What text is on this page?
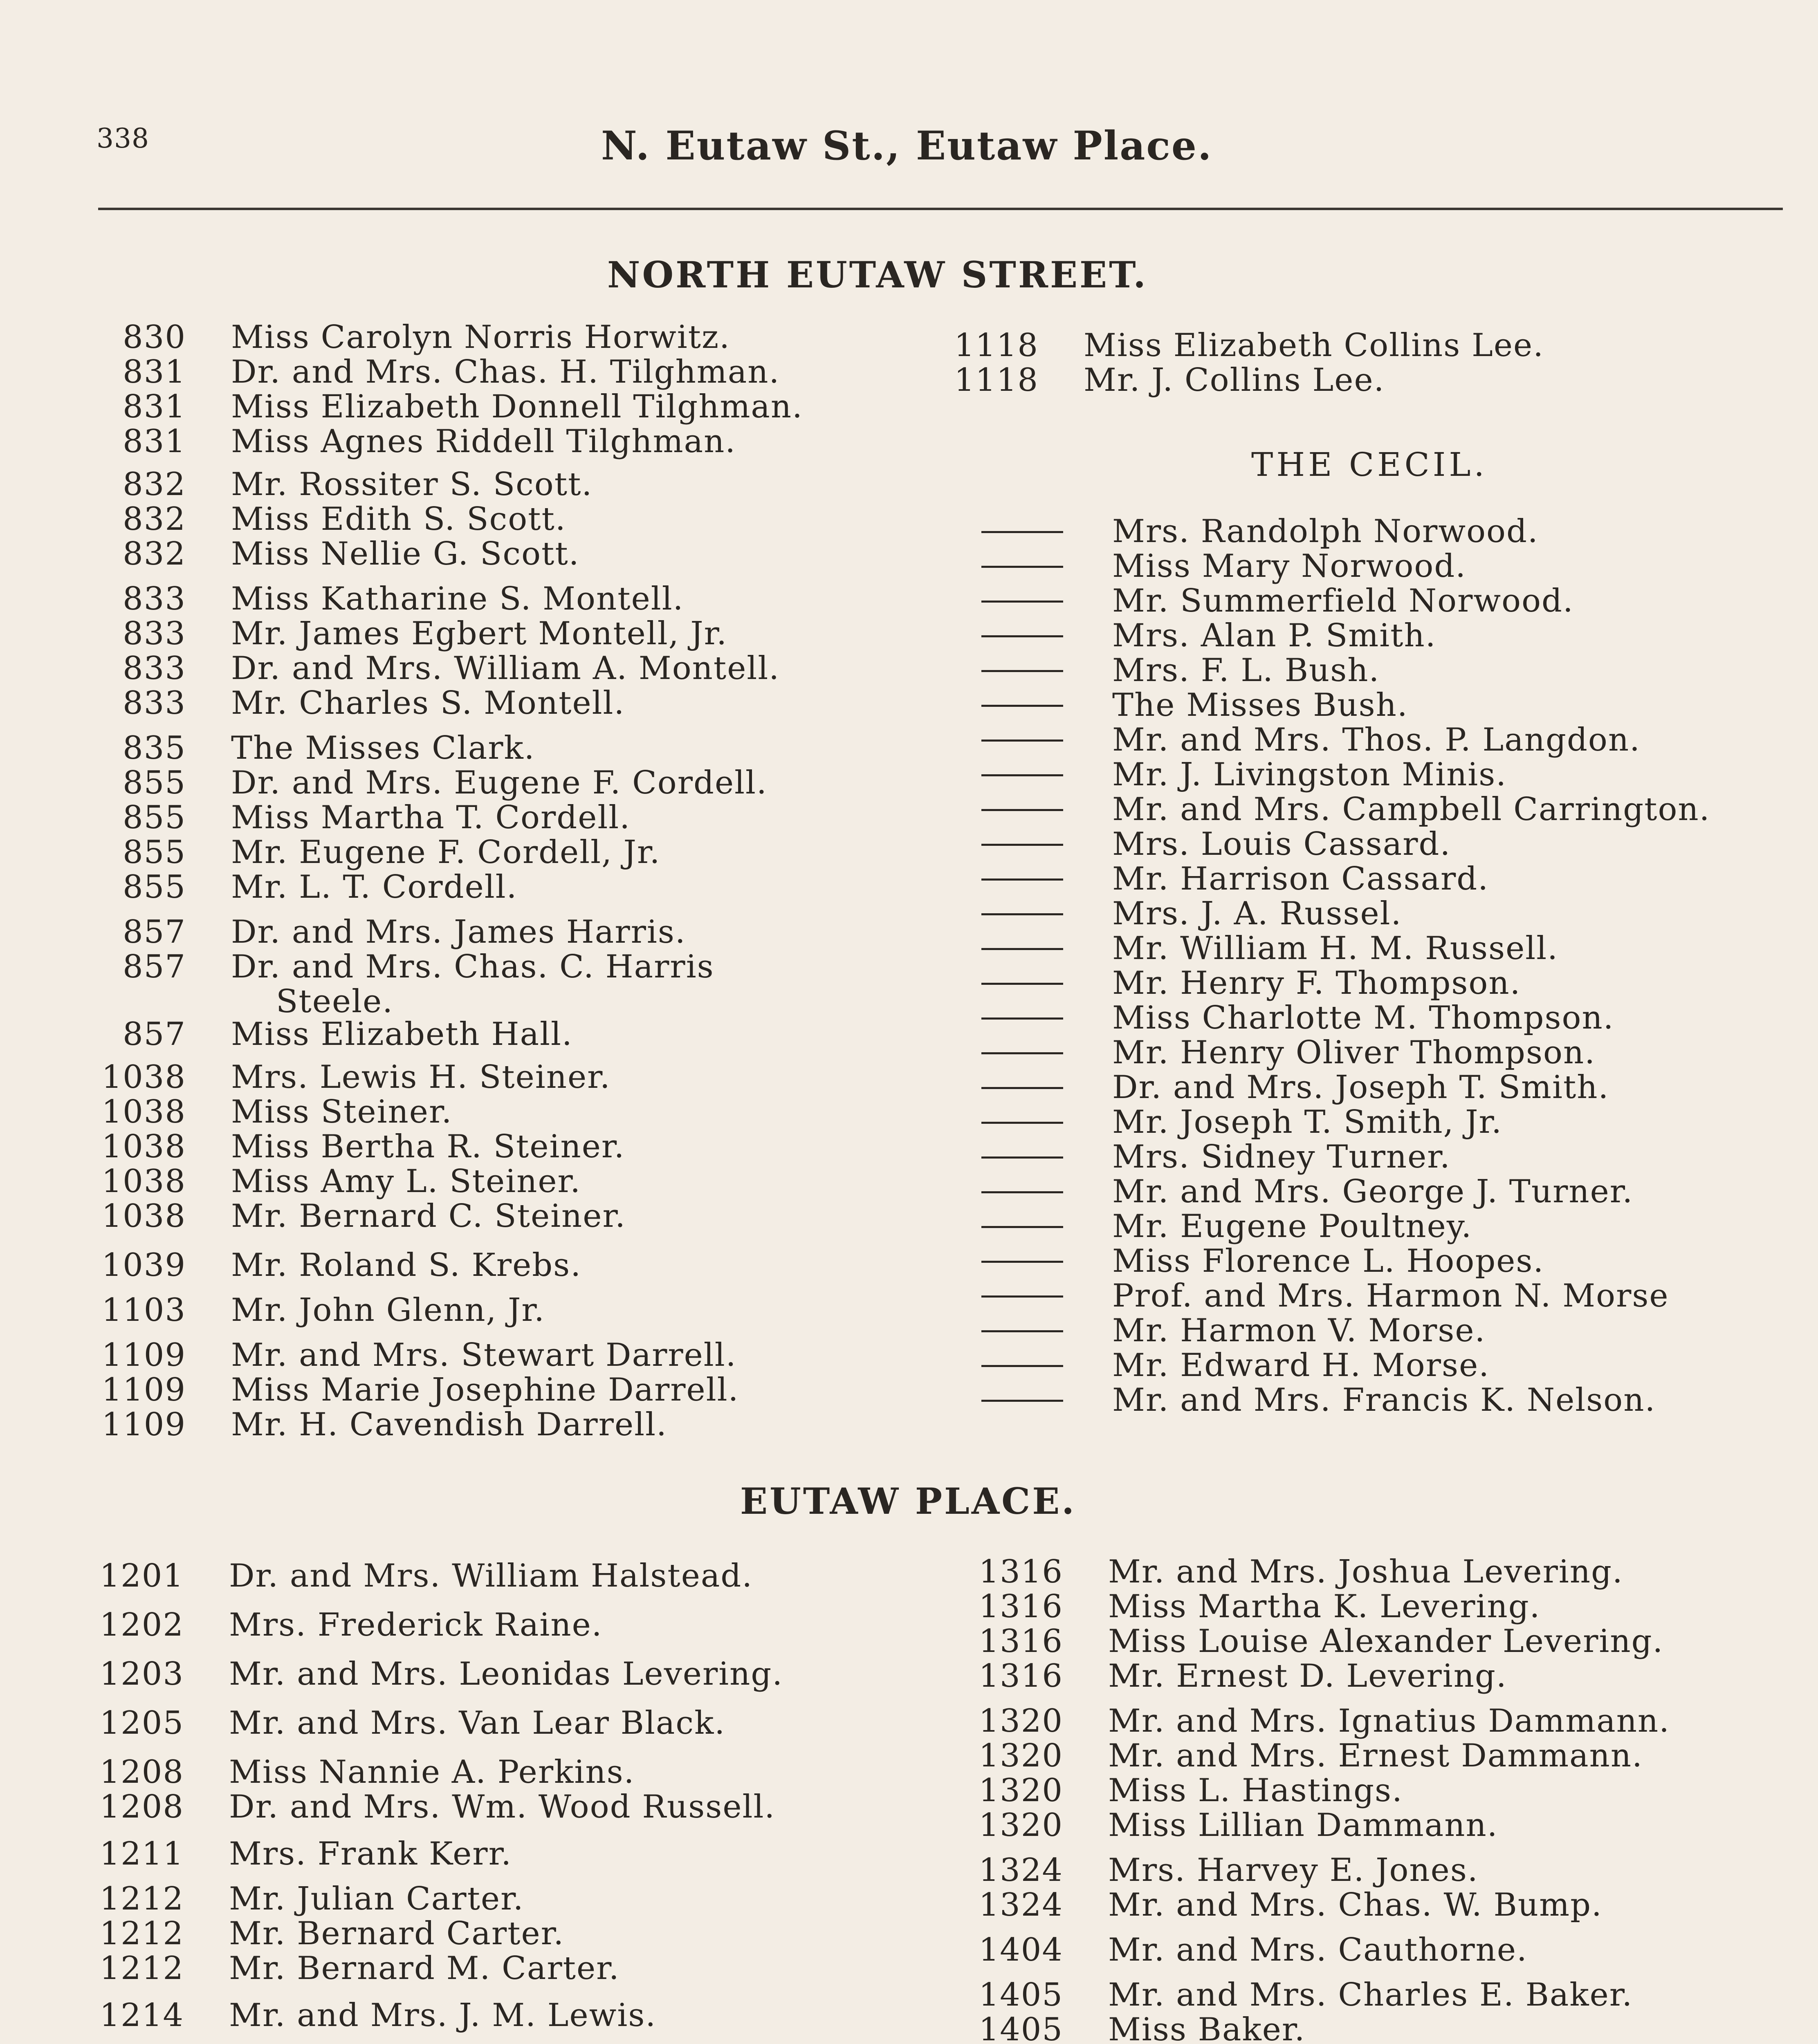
338	N. Eutaw St., Eutaw Place.
NORTH EUTAW STREET.
830 Miss Carolyn Norris Horwitz.
831 Dr. and Mrs. Chas. H. Tilghman.
831 Miss Elizabeth Donnell Tilghman.
831 Miss Agnes Riddell Tilghman.
832 Mr. Rossiter S. Scott.
832 Miss Edith S. Scott.
832 Miss Nellie G. Scott.
833 Miss Katharine S. Montell.
833 Mr. James Egbert Montell, Jr.
833 Dr. and Mrs. William A. Montell.
833 Mr. Charles S. Montell.
835 The Misses Clark.
855 Dr. and Mrs. Eugene F. Cordell.
855 Miss Martha T. Cordell.
855 Mr. Eugene F. Cordell, Jr.
855 Mr. L. T. Cordell.
857 Dr. and Mrs. James Harris.
857 Dr. and Mrs. Chas. C. Harris
Steele.
857 Miss Elizabeth Hall.
1038 Mrs. Lewis H. Steiner.
1038 Miss Steiner.
1038 Miss Bertha R. Steiner.
1038 Miss Amy L. Steiner.
1038 Mr. Bernard C. Steiner.
1039 Mr. Roland S. Krebs.
1103 Mr. John Glenn, Jr.
1109 Mr. and Mrs. Stewart Darrell.
1109 Miss Marie Josephine Darrell.
1109 Mr. H. Cavendish Darrell.
1118 Miss Elizabeth Collins Lee.
1118 Mr. J. Collins Lee.
THE CECIL.
Mrs. Randolph Norwood.
Miss Mary Norwood.
Mr. Summerfield Norwood.
Mrs. Alan P. Smith.
Mrs. F. L. Bush.
The Misses Bush.
Mr. and Mrs. Thos. P. Langdon.
Mr. J. Livingston Minis.
Mr. and Mrs. Campbell Carrington.
Mrs. Louis Cassard.
Mr. Harrison Cassard.
Mrs. J. A. Russel.
Mr. William H. M. Russell.
Mr. Henry F. Thompson.
Miss Charlotte M. Thompson.
Mr. Henry Oliver Thompson.
Dr. and Mrs. Joseph T. Smith.
Mr. Joseph T. Smith, Jr.
Mrs. Sidney Turner.
Mr. and Mrs. George J. Turner.
Mr. Eugene Poultney.
Miss Florence L. Hoopes.
Prof. and Mrs. Harmon N. Morse
Mr. Harmon V. Morse.
Mr. Edward H. Morse.
Mr. and Mrs. Francis K. Nelson.
EUTAW PLACE.
1201 Dr. and Mrs. William Halstead.
1202 Mrs. Frederick Raine.
1203 Mr. and Mrs. Leonidas Levering.
1205 Mr. and Mrs. Van Lear Black.
1208 Miss Nannie A. Perkins.
1208 Dr. and Mrs. Wm. Wood Russell.
1211 Mrs. Frank Kerr.
1212 Mr. Julian Carter.
1212 Mr. Bernard Carter.
1212 Mr. Bernard M. Carter.
1214 Mr. and Mrs. J. M. Lewis.
1316 Mr. and Mrs. Joshua Levering.
1316 Miss Martha K. Levering.
1316 Miss Louise Alexander Levering.
1316 Mr. Ernest D. Levering.
1320 Mr. and Mrs. Ignatius Dammann.
1320 Mr. and Mrs. Ernest Dammann.
1320 Miss L. Hastings.
1320 Miss Lillian Dammann.
1324 Mrs. Harvey E. Jones.
1324 Mr. and Mrs. Chas. W. Bump.
1404 Mr. and Mrs. Cauthorne.
1405 Mr. and Mrs. Charles E. Baker.
1405 Miss Baker.
